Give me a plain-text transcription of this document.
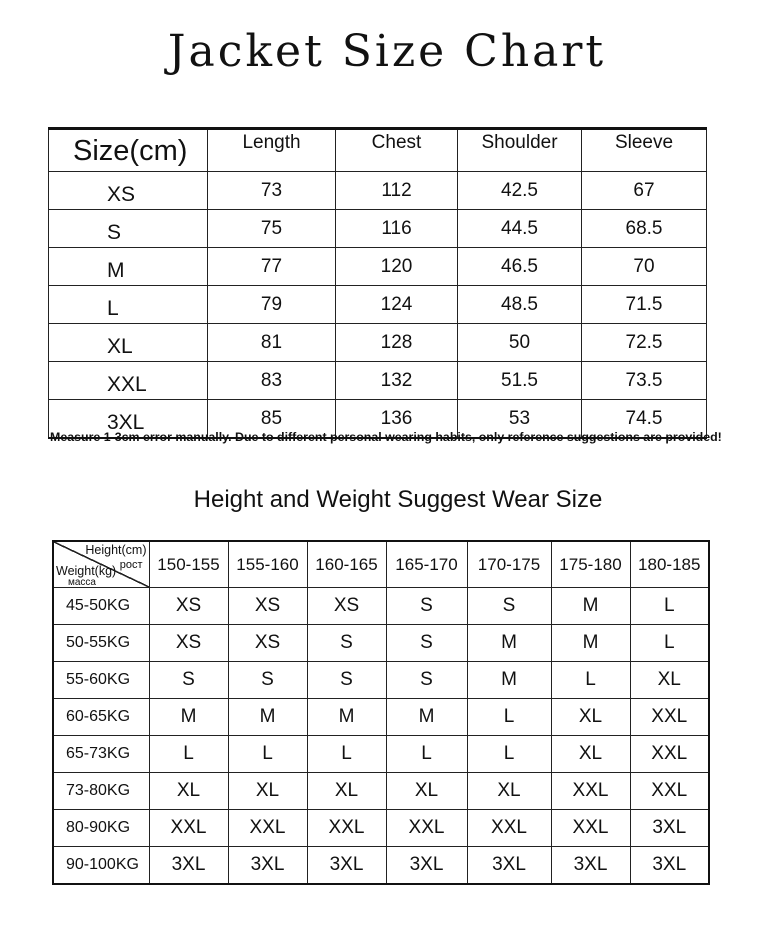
Jacket Size Chart
Size(cm)	Length	Chest	Shoulder	Sleeve
XS	73	112	42.5	67
S	75	116	44.5	68.5
M	77	120	46.5	70
L	79	124	48.5	71.5
XL	81	128	50	72.5
XXL	83	132	51.5	73.5
3XL	85	136	53	74.5
Measure 1-3cm error manually. Due to different personal wearing habits, only reference suggestions are provided!
Height and Weight Suggest Wear Size
Height(cm)
рост
Weight(kg)
масса	150-155	155-160	160-165	165-170	170-175	175-180	180-185
45-50KG	XS	XS	XS	S	S	M	L
50-55KG	XS	XS	S	S	M	M	L
55-60KG	S	S	S	S	M	L	XL
60-65KG	M	M	M	M	L	XL	XXL
65-73KG	L	L	L	L	L	XL	XXL
73-80KG	XL	XL	XL	XL	XL	XXL	XXL
80-90KG	XXL	XXL	XXL	XXL	XXL	XXL	3XL
90-100KG	3XL	3XL	3XL	3XL	3XL	3XL	3XL
